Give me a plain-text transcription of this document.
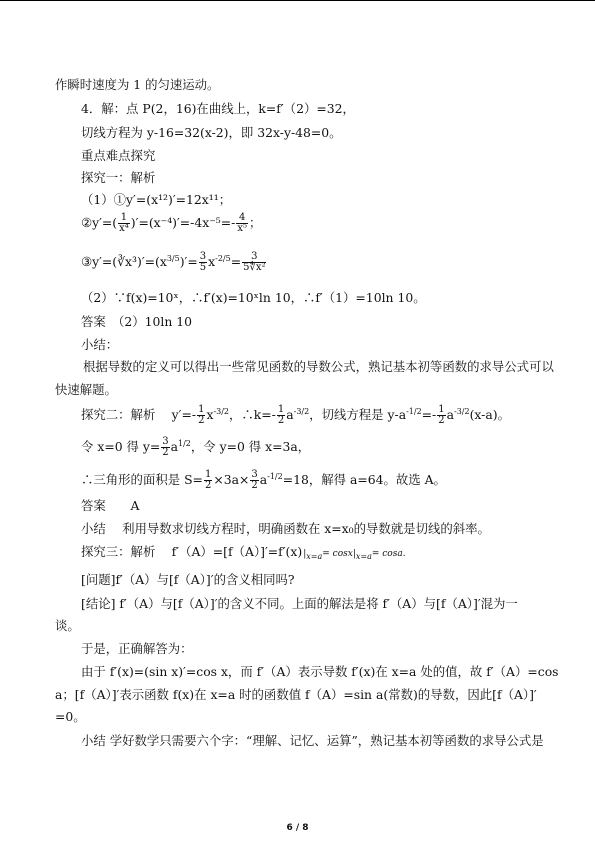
作瞬时速度为 1 的匀速运动。
4．解：点 P(2，16)在曲线上，k=f′（2）=32，
切线方程为 y-16=32(x-2)，即 32x-y-48=0。
重点难点探究
探究一：解析
（1）①y′=(x¹²)′=12x¹¹；
②y′=( $\frac{1}{\text{x⁴}} )'=(x^{-4})'=-4x^{-5}=- \frac{4}{\text{x⁵}}$ ；
$③y'=(∛x^3)'=(x^{3/5})'= \frac{3}{5} x^{-2/5}= \frac{3}{\text{5∜x²}}$
（2）∵f(x)=10ˣ，∴f′(x)=10ˣln 10，∴f′（1）=10ln 10。
答案　（2）10ln 10
小结：
根据导数的定义可以得出一些常见函数的导数公式，熟记基本初等函数的求导公式可以
快速解题。
探究二：解析　 $y'=- \frac{1}{2} x^{-3/2}$，∴k=- $\frac{1}{2} a^{-3/2}$，切线方程是 $y-a^{-1/2}=- \frac{1}{2} a^{-3/2}(x-a)$。
令 x=0 得 $y= \frac{3}{2} a^{1/2}$，令 y=0 得 x=3a，
∴三角形的面积是 $S= \frac{1}{2} \times 3a\times \frac{3}{2} a^{-1/2}=18$，解得 a=64。故选 A。
答案　　A
小结　 利用导数求切线方程时，明确函数在 x=x₀的导数就是切线的斜率。
探究三：解析　 f′（A）=[f（A）]′=f′(x)|x=a= cosx|x=a= cosa.
[问题]f′（A）与[f（A）]′的含义相同吗?
[结论] f′（A）与[f（A）]′的含义不同。上面的解法是将 f′（A）与[f（A）]′混为一
谈。
于是，正确解答为：
由于 f′(x)=(sin x)′=cos x，而 f′（A）表示导数 f′(x)在 x=a 处的值，故 f′（A）=cos
a；[f（A）]′表示函数 f(x)在 x=a 时的函数值 f（A）=sin a(常数)的导数，因此[f（A）]′
=0。
小结 学好数学只需要六个字：“理解、记忆、运算”，熟记基本初等函数的求导公式是
6 / 8
